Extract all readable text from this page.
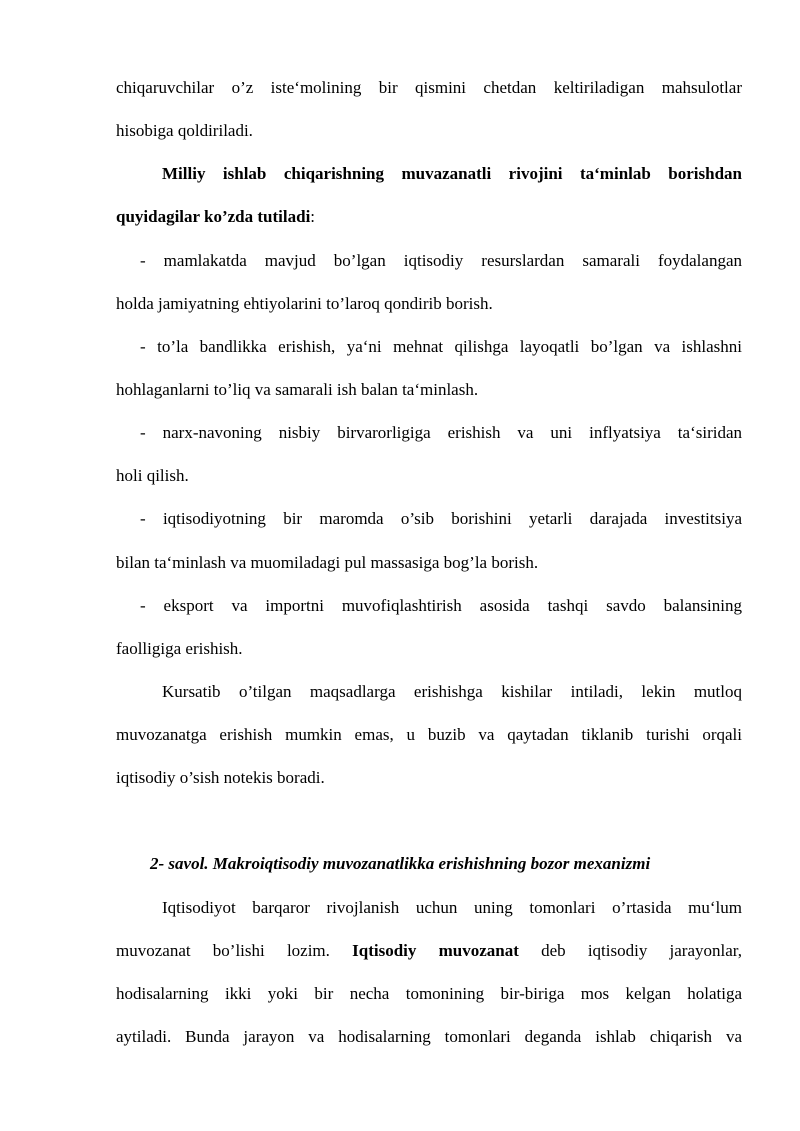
chiqaruvchilar o’z iste‘molining bir qismini chetdan keltiriladigan mahsulotlar
hisobiga qoldiriladi.
Milliy ishlab chiqarishning muvazanatli rivojini ta‘minlab borishdan
quyidagilar ko’zda tutiladi:
- mamlakatda mavjud bo’lgan iqtisodiy resurslardan samarali foydalangan
holda jamiyatning ehtiyolarini to’laroq qondirib borish.
- to’la bandlikka erishish, ya‘ni mehnat qilishga layoqatli bo’lgan va ishlashni
hohlaganlarni to’liq va samarali ish balan ta‘minlash.
- narx-navoning nisbiy birvarorligiga erishish va uni inflyatsiya ta‘siridan
holi qilish.
- iqtisodiyotning bir maromda o’sib borishini yetarli darajada investitsiya
bilan ta‘minlash va muomiladagi pul massasiga bog’la borish.
- eksport va importni muvofiqlashtirish asosida tashqi savdo balansining
faolligiga erishish.
Kursatib o’tilgan maqsadlarga erishishga kishilar intiladi, lekin mutloq
muvozanatga erishish mumkin emas, u buzib va qaytadan tiklanib turishi orqali
iqtisodiy o’sish notekis boradi.
2- savol. Makroiqtisodiy muvozanatlikka erishishning bozor mexanizmi
Iqtisodiyot barqaror rivojlanish uchun uning tomonlari o’rtasida mu‘lum
muvozanat bo’lishi lozim. Iqtisodiy muvozanat deb iqtisodiy jarayonlar,
hodisalarning ikki yoki bir necha tomonining bir-biriga mos kelgan holatiga
aytiladi. Bunda jarayon va hodisalarning tomonlari deganda ishlab chiqarish va
